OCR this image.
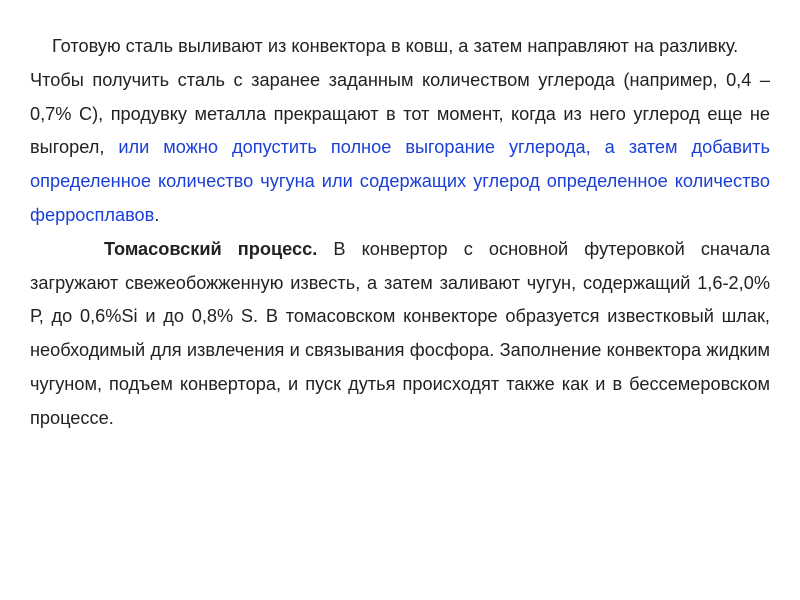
Готовую сталь выливают из конвектора в ковш, а затем направляют на разливку.

Чтобы получить сталь с заранее заданным количеством углерода (например, 0,4 – 0,7% С), продувку металла прекращают в тот момент, когда из него углерод еще не выгорел, или можно допустить полное выгорание углерода, а затем добавить определенное количество чугуна или содержащих углерод определенное количество ферросплавов.

Томасовский процесс. В конвертор с основной футеровкой сначала загружают свежеобожженную известь, а затем заливают чугун, содержащий 1,6-2,0% Р, до 0,6%Si и до 0,8% S. В томасовском конвекторе образуется известковый шлак, необходимый для извлечения и связывания фосфора. Заполнение конвектора жидким чугуном, подъем конвертора, и пуск дутья происходят также как и в бессемеровском процессе.
